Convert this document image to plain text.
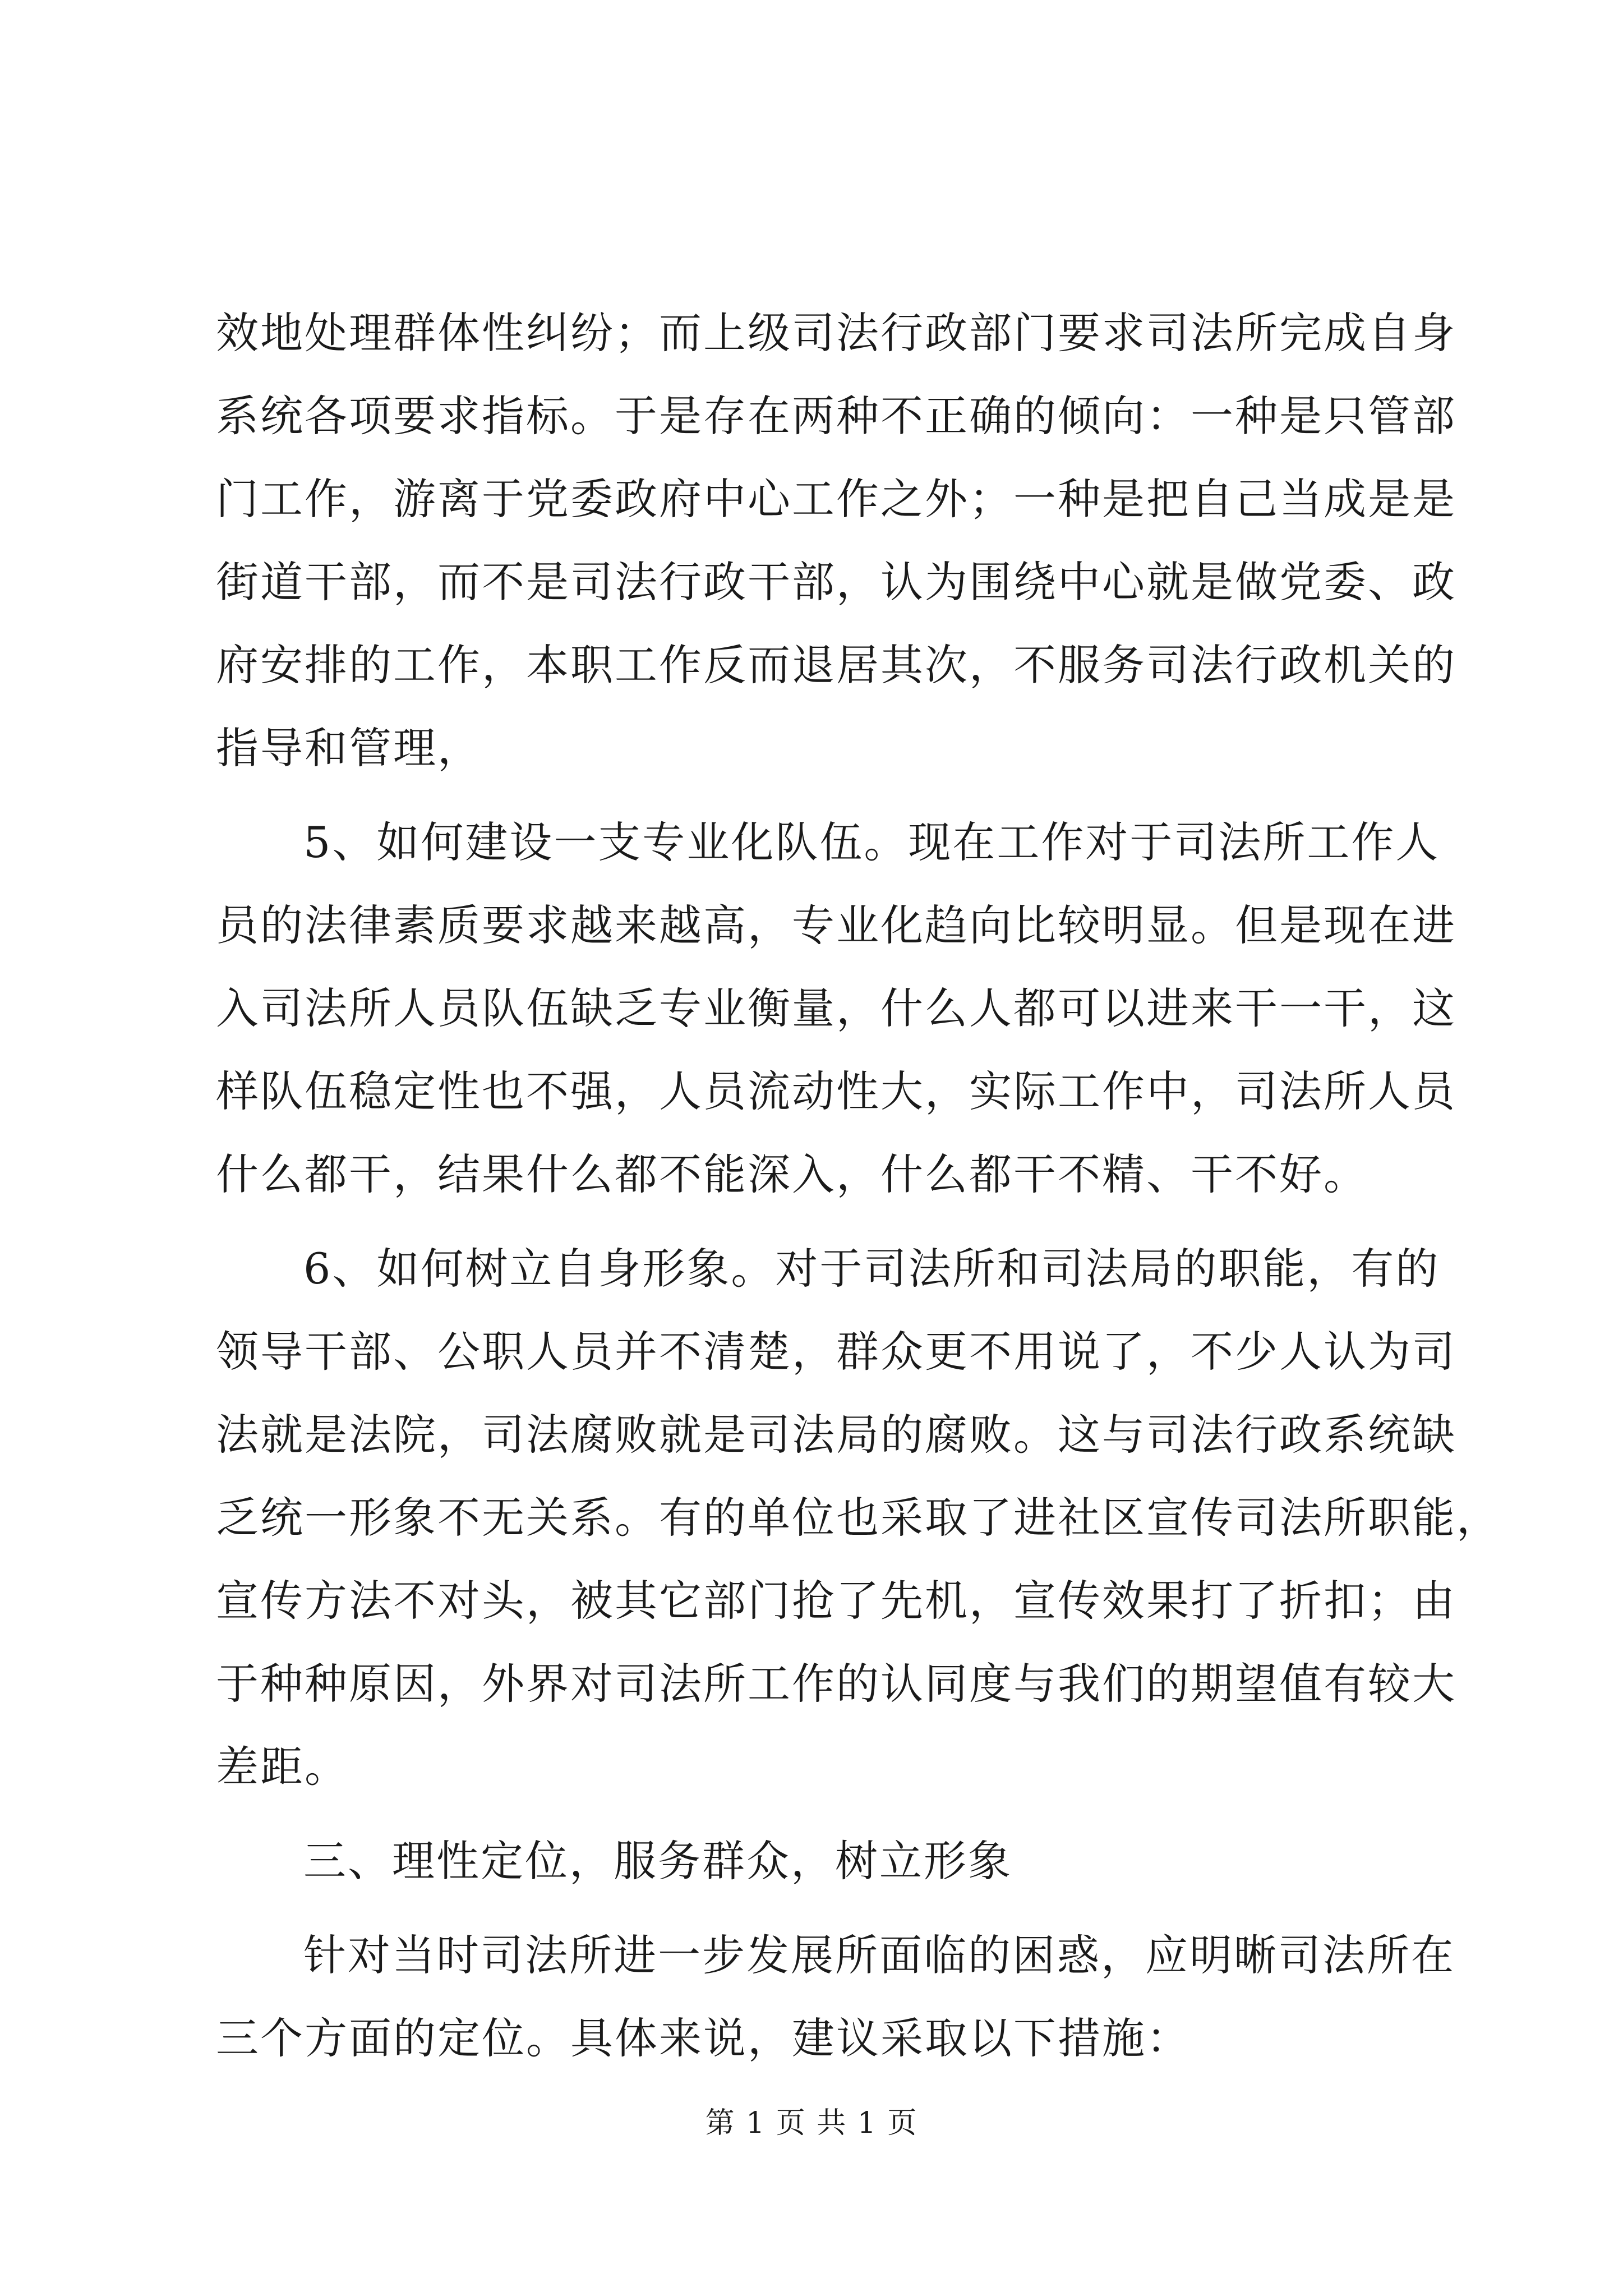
效地处理群体性纠纷；而上级司法行政部门要求司法所完成自身
系统各项要求指标。于是存在两种不正确的倾向：一种是只管部
门工作，游离于党委政府中心工作之外；一种是把自己当成是是
街道干部，而不是司法行政干部，认为围绕中心就是做党委、政
府安排的工作，本职工作反而退居其次，不服务司法行政机关的
指导和管理，
5、如何建设一支专业化队伍。现在工作对于司法所工作人
员的法律素质要求越来越高，专业化趋向比较明显。但是现在进
入司法所人员队伍缺乏专业衡量，什么人都可以进来干一干，这
样队伍稳定性也不强，人员流动性大，实际工作中，司法所人员
什么都干，结果什么都不能深入，什么都干不精、干不好。
6、如何树立自身形象。对于司法所和司法局的职能，有的
领导干部、公职人员并不清楚，群众更不用说了，不少人认为司
法就是法院，司法腐败就是司法局的腐败。这与司法行政系统缺
乏统一形象不无关系。有的单位也采取了进社区宣传司法所职能，
宣传方法不对头，被其它部门抢了先机，宣传效果打了折扣；由
于种种原因，外界对司法所工作的认同度与我们的期望值有较大
差距。
三、理性定位，服务群众，树立形象
针对当时司法所进一步发展所面临的困惑，应明晰司法所在
三个方面的定位。具体来说，建议采取以下措施：
第 1 页 共 1 页
